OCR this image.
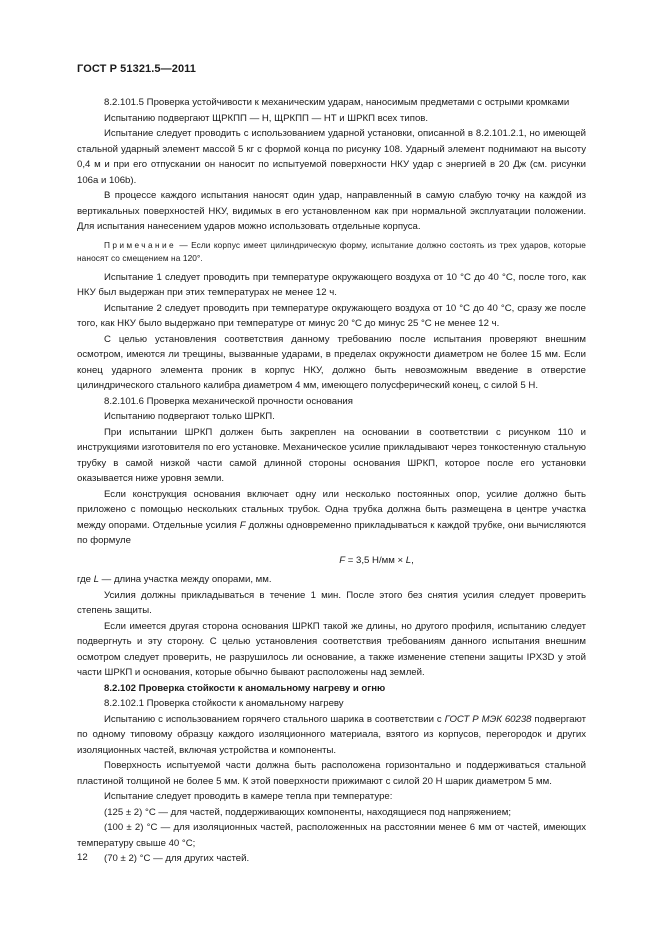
ГОСТ Р 51321.5—2011

8.2.101.5 Проверка устойчивости к механическим ударам, наносимым предметами с острыми кромками

Испытанию подвергают ЩРКПП — Н, ЩРКПП — НТ и ШРКП всех типов.

Испытание следует проводить с использованием ударной установки, описанной в 8.2.101.2.1, но имеющей стальной ударный элемент массой 5 кг с формой конца по рисунку 108. Ударный элемент поднимают на высоту 0,4 м и при его отпускании он наносит по испытуемой поверхности НКУ удар с энергией в 20 Дж (см. рисунки 106а и 106b).

В процессе каждого испытания наносят один удар, направленный в самую слабую точку на каждой из вертикальных поверхностей НКУ, видимых в его установленном как при нормальной эксплуатации положении. Для испытания нанесением ударов можно использовать отдельные корпуса.

Примечание — Если корпус имеет цилиндрическую форму, испытание должно состоять из трех ударов, которые наносят со смещением на 120°.

Испытание 1 следует проводить при температуре окружающего воздуха от 10 °С до 40 °С, после того, как НКУ был выдержан при этих температурах не менее 12 ч.

Испытание 2 следует проводить при температуре окружающего воздуха от 10 °С до 40 °С, сразу же после того, как НКУ было выдержано при температуре от минус 20 °С до минус 25 °С не менее 12 ч.

С целью установления соответствия данному требованию после испытания проверяют внешним осмотром, имеются ли трещины, вызванные ударами, в пределах окружности диаметром не более 15 мм. Если конец ударного элемента проник в корпус НКУ, должно быть невозможным введение в отверстие цилиндрического стального калибра диаметром 4 мм, имеющего полусферический конец, с силой 5 Н.

8.2.101.6 Проверка механической прочности основания

Испытанию подвергают только ШРКП.

При испытании ШРКП должен быть закреплен на основании в соответствии с рисунком 110 и инструкциями изготовителя по его установке. Механическое усилие прикладывают через тонкостенную стальную трубку в самой низкой части самой длинной стороны основания ШРКП, которое после его установки оказывается ниже уровня земли.

Если конструкция основания включает одну или несколько постоянных опор, усилие должно быть приложено с помощью нескольких стальных трубок. Одна трубка должна быть размещена в центре участка между опорами. Отдельные усилия F должны одновременно прикладываться к каждой трубке, они вычисляются по формуле

F = 3,5 Н/мм × L,

где L — длина участка между опорами, мм.

Усилия должны прикладываться в течение 1 мин. После этого без снятия усилия следует проверить степень защиты.

Если имеется другая сторона основания ШРКП такой же длины, но другого профиля, испытанию следует подвергнуть и эту сторону. С целью установления соответствия требованиям данного испытания внешним осмотром следует проверить, не разрушилось ли основание, а также изменение степени защиты IPX3D у этой части ШРКП и основания, которые обычно бывают расположены над землей.

8.2.102 Проверка стойкости к аномальному нагреву и огню

8.2.102.1 Проверка стойкости к аномальному нагреву

Испытанию с использованием горячего стального шарика в соответствии с ГОСТ Р МЭК 60238 подвергают по одному типовому образцу каждого изоляционного материала, взятого из корпусов, перегородок и других изоляционных частей, включая устройства и компоненты.

Поверхность испытуемой части должна быть расположена горизонтально и поддерживаться стальной пластиной толщиной не более 5 мм. К этой поверхности прижимают с силой 20 Н шарик диаметром 5 мм.

Испытание следует проводить в камере тепла при температуре:

(125 ± 2) °С — для частей, поддерживающих компоненты, находящиеся под напряжением;

(100 ± 2) °С — для изоляционных частей, расположенных на расстоянии менее 6 мм от частей, имеющих температуру свыше 40 °С;

(70 ± 2) °С — для других частей.

12
